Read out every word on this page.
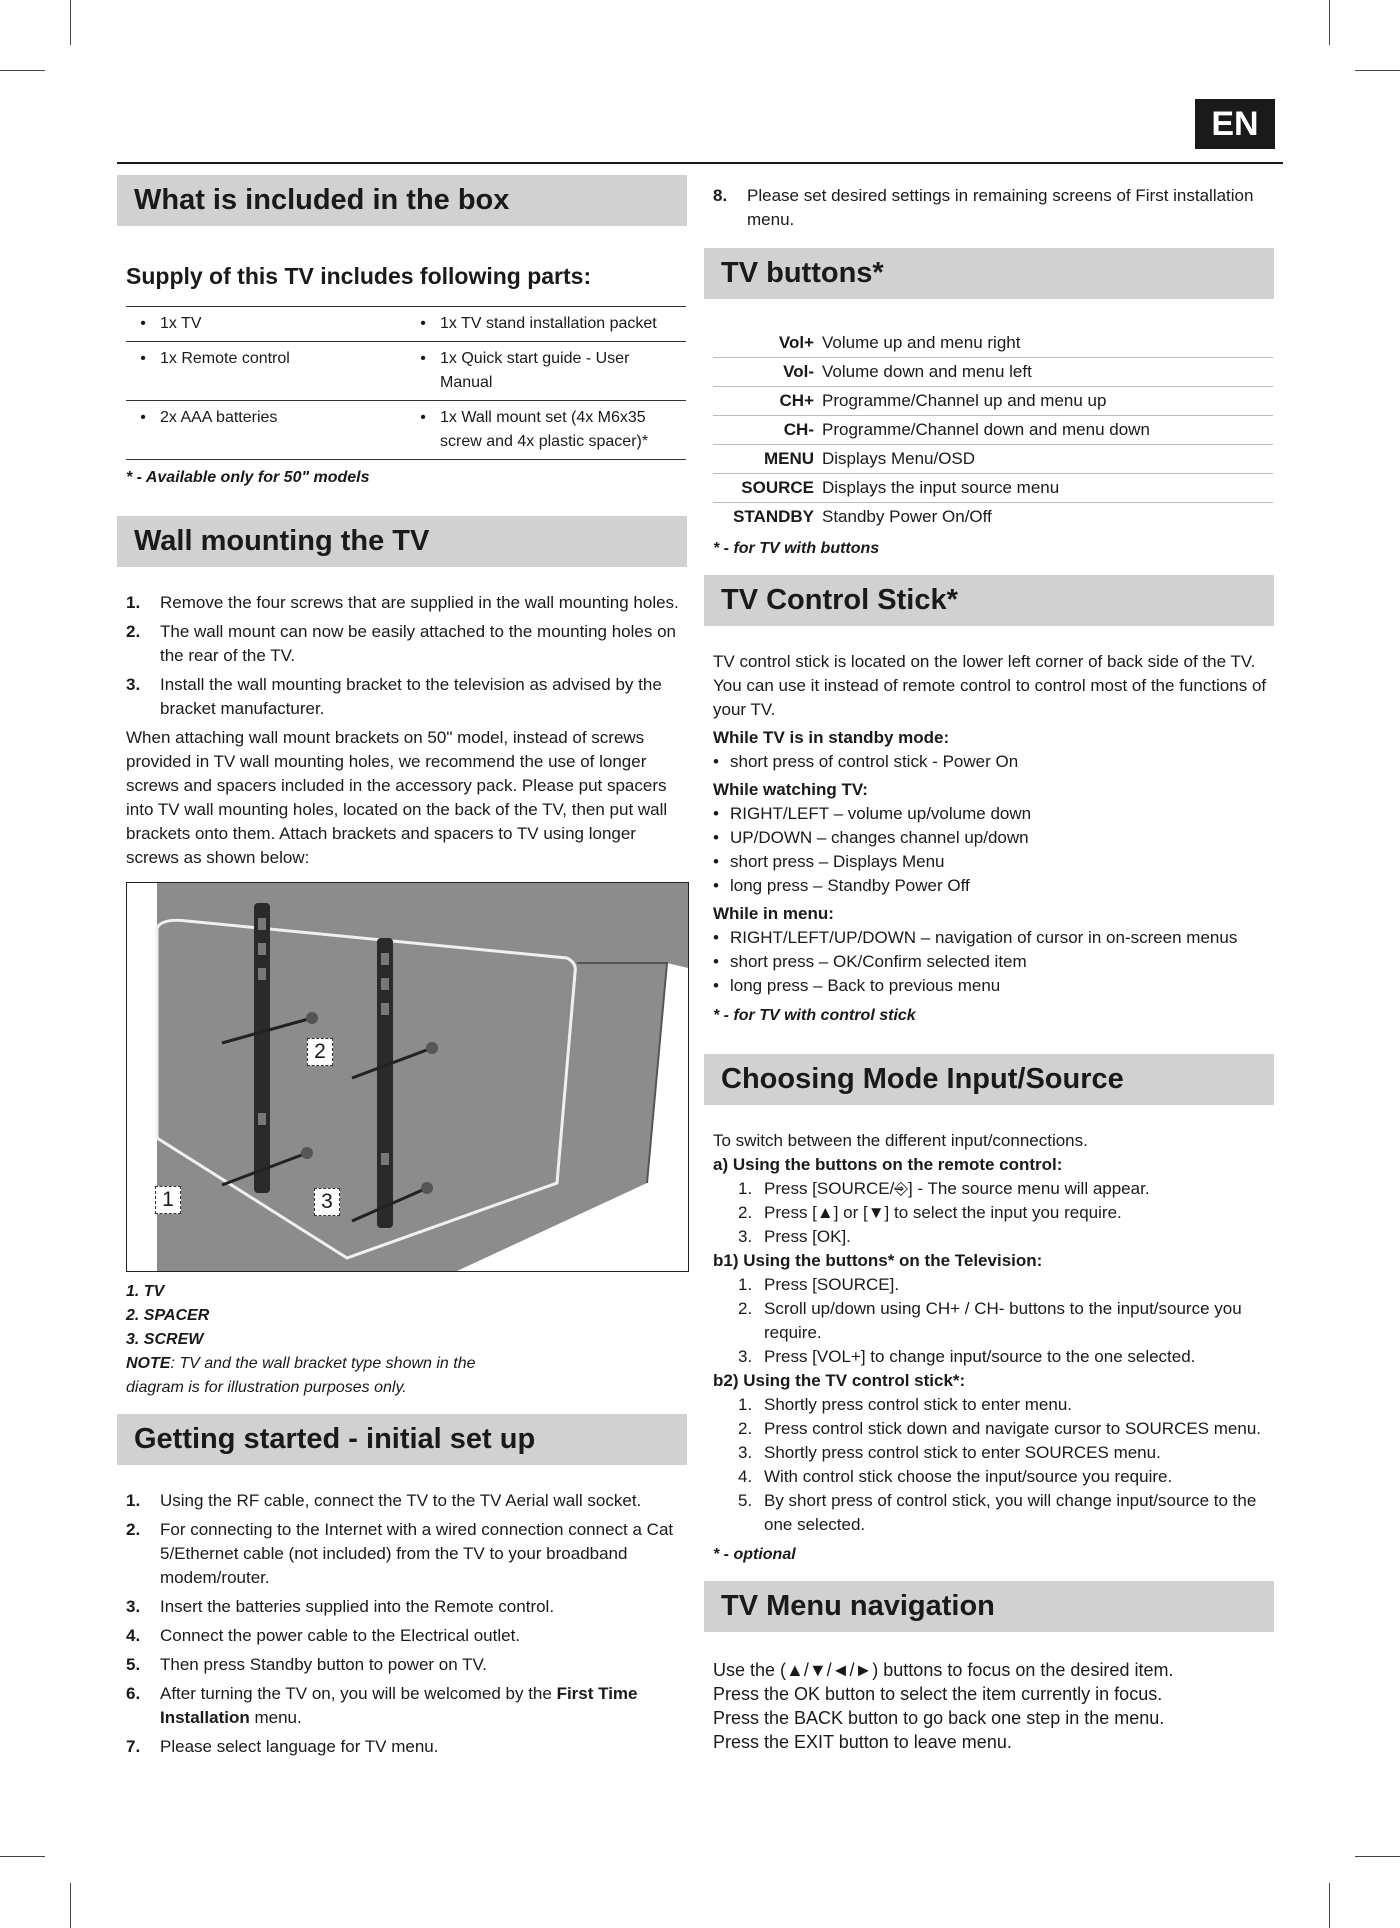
EN
What is included in the box
Supply of this TV includes following parts:
• 1x TV	• 1x TV stand installation packet
• 1x Remote control	• 1x Quick start guide - User Manual
• 2x AAA batteries	• 1x Wall mount set (4x M6x35 screw and 4x plastic spacer)*
* - Available only for 50" models
Wall mounting the TV
1. Remove the four screws that are supplied in the wall mounting holes.
2. The wall mount can now be easily attached to the mounting holes on the rear of the TV.
3. Install the wall mounting bracket to the television as advised by the bracket manufacturer.

When attaching wall mount brackets on 50" model, instead of screws provided in TV wall mounting holes, we recommend the use of longer screws and spacers included in the accessory pack. Please put spacers into TV wall mounting holes, located on the back of the TV, then put wall brackets onto them. Attach brackets and spacers to TV using longer screws as shown below:

2
1	3
1. TV
2. SPACER
3. SCREW
NOTE: TV and the wall bracket type shown in the diagram is for illustration purposes only.
Getting started - initial set up
1. Using the RF cable, connect the TV to the TV Aerial wall socket.
2. For connecting to the Internet with a wired connection connect a Cat 5/Ethernet cable (not included) from the TV to your broadband modem/router.
3. Insert the batteries supplied into the Remote control.
4. Connect the power cable to the Electrical outlet.
5. Then press Standby button to power on TV.
6. After turning the TV on, you will be welcomed by the First Time Installation menu.
7. Please select language for TV menu.
8. Please set desired settings in remaining screens of First installation menu.
TV buttons*
Vol+	Volume up and menu right
Vol-	Volume down and menu left
CH+	Programme/Channel up and menu up
CH-	Programme/Channel down and menu down
MENU	Displays Menu/OSD
SOURCE	Displays the input source menu
STANDBY	Standby Power On/Off
* - for TV with buttons
TV Control Stick*

TV control stick is located on the lower left corner of back side of the TV. You can use it instead of remote control to control most of the functions of your TV.

While TV is in standby mode:
• short press of control stick - Power On
While watching TV:
• RIGHT/LEFT – volume up/volume down
• UP/DOWN – changes channel up/down
• short press – Displays Menu
• long press – Standby Power Off
While in menu:
• RIGHT/LEFT/UP/DOWN – navigation of cursor in on-screen menus
• short press – OK/Confirm selected item
• long press – Back to previous menu
* - for TV with control stick
Choosing Mode Input/Source

To switch between the different input/connections.

a) Using the buttons on the remote control:
1. Press [SOURCE/⎆] - The source menu will appear.
2. Press [▲] or [▼] to select the input you require.
3. Press [OK].
b1) Using the buttons* on the Television:
1. Press [SOURCE].
2. Scroll up/down using CH+ / CH- buttons to the input/source you require.
3. Press [VOL+] to change input/source to the one selected.
b2) Using the TV control stick*:
1. Shortly press control stick to enter menu.
2. Press control stick down and navigate cursor to SOURCES menu.
3. Shortly press control stick to enter SOURCES menu.
4. With control stick choose the input/source you require.
5. By short press of control stick, you will change input/source to the one selected.
* - optional
TV Menu navigation
Use the (▲/▼/◄/►) buttons to focus on the desired item.
Press the OK button to select the item currently in focus.
Press the BACK button to go back one step in the menu.
Press the EXIT button to leave menu.
